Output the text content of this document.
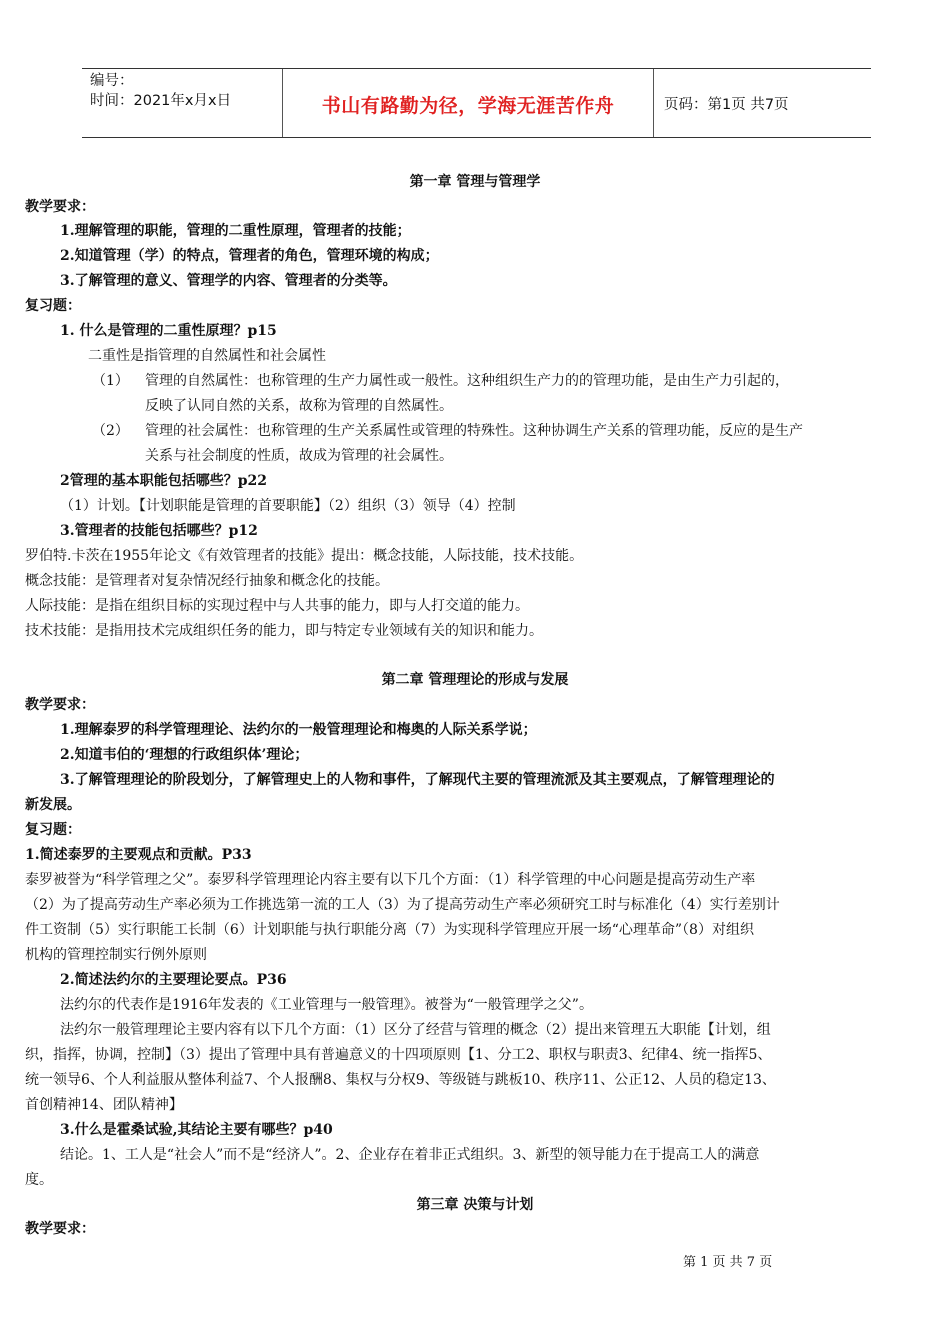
编号：
时间：2021年x月x日	书山有路勤为径，学海无涯苦作舟	页码：第1页 共7页
第一章 管理与管理学
教学要求：
1.理解管理的职能，管理的二重性原理，管理者的技能；
2.知道管理（学）的特点，管理者的角色，管理环境的构成；
3.了解管理的意义、管理学的内容、管理者的分类等。
复习题：
1. 什么是管理的二重性原理？p15
二重性是指管理的自然属性和社会属性
（1） 管理的自然属性：也称管理的生产力属性或一般性。这种组织生产力的的管理功能，是由生产力引起的，
反映了认同自然的关系，故称为管理的自然属性。
（2） 管理的社会属性：也称管理的生产关系属性或管理的特殊性。这种协调生产关系的管理功能，反应的是生产
关系与社会制度的性质，故成为管理的社会属性。
2管理的基本职能包括哪些？p22
（1）计划。【计划职能是管理的首要职能】（2）组织（3）领导（4）控制
3.管理者的技能包括哪些？p12
罗伯特.卡茨在1955年论文《有效管理者的技能》提出：概念技能，人际技能，技术技能。
概念技能：是管理者对复杂情况经行抽象和概念化的技能。
人际技能：是指在组织目标的实现过程中与人共事的能力，即与人打交道的能力。
技术技能：是指用技术完成组织任务的能力，即与特定专业领域有关的知识和能力。
第二章 管理理论的形成与发展
教学要求：
1.理解泰罗的科学管理理论、法约尔的一般管理理论和梅奥的人际关系学说；
2.知道韦伯的‘理想的行政组织体’理论；
3.了解管理理论的阶段划分，了解管理史上的人物和事件，了解现代主要的管理流派及其主要观点，了解管理理论的
新发展。
复习题：
1.简述泰罗的主要观点和贡献。P33
泰罗被誉为“科学管理之父”。泰罗科学管理理论内容主要有以下几个方面：（1）科学管理的中心问题是提高劳动生产率
（2）为了提高劳动生产率必须为工作挑选第一流的工人（3）为了提高劳动生产率必须研究工时与标准化（4）实行差别计
件工资制（5）实行职能工长制（6）计划职能与执行职能分离（7）为实现科学管理应开展一场“心理革命”（8）对组织
机构的管理控制实行例外原则
2.简述法约尔的主要理论要点。P36
法约尔的代表作是1916年发表的《工业管理与一般管理》。被誉为“一般管理学之父”。
法约尔一般管理理论主要内容有以下几个方面：（1）区分了经营与管理的概念（2）提出来管理五大职能【计划，组
织，指挥，协调，控制】（3）提出了管理中具有普遍意义的十四项原则【1、分工2、职权与职责3、纪律4、统一指挥5、
统一领导6、个人利益服从整体利益7、个人报酬8、集权与分权9、等级链与跳板10、秩序11、公正12、人员的稳定13、
首创精神14、团队精神】
3.什么是霍桑试验,其结论主要有哪些？p40
结论。1、工人是“社会人”而不是“经济人”。2、企业存在着非正式组织。3、新型的领导能力在于提高工人的满意
度。
第三章 决策与计划
教学要求：
第 1 页 共 7 页
